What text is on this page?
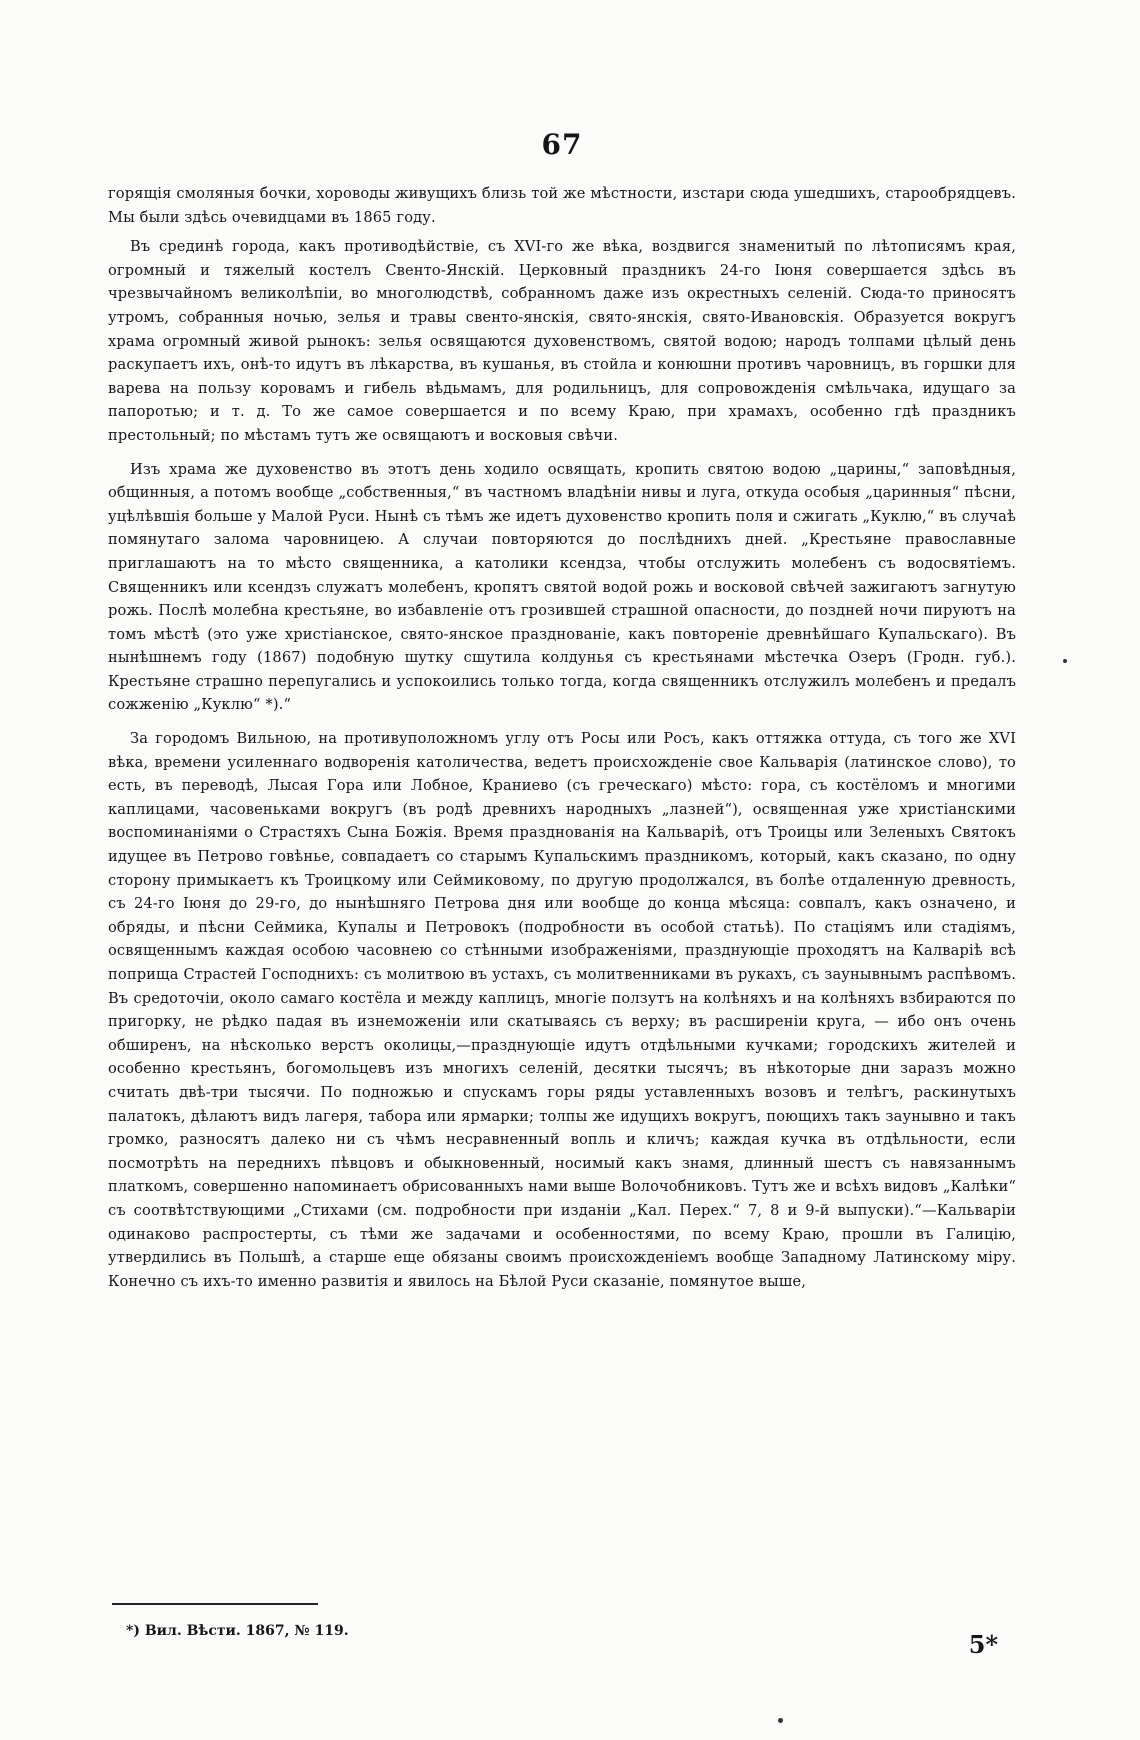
67

горящія смоляныя бочки, хороводы живущихъ близь той же мѣстности, изстари сюда ушедшихъ, старообрядцевъ. Мы были здѣсь очевидцами въ 1865 году.

Въ срединѣ города, какъ противодѣйствіе, съ XVI-го же вѣка, воздвигся знаменитый по лѣтописямъ края, огромный и тяжелый костелъ Свенто-Янскій. Церковный праздникъ 24-го Іюня совершается здѣсь въ чрезвычайномъ великолѣпіи, во многолюдствѣ, собранномъ даже изъ окрестныхъ селеній. Сюда-то приносятъ утромъ, собранныя ночью, зелья и травы свенто-янскія, свято-янскія, свято-Ивановскія. Образуется вокругъ храма огромный живой рынокъ: зелья освящаются духовенствомъ, святой водою; народъ толпами цѣлый день раскупаетъ ихъ, онѣ-то идутъ въ лѣкарства, въ кушанья, въ стойла и конюшни противъ чаровницъ, въ горшки для варева на пользу коровамъ и гибель вѣдьмамъ, для родильницъ, для сопровожденія смѣльчака, идущаго за папоротью; и т. д. То же самое совершается и по всему Краю, при храмахъ, особенно гдѣ праздникъ престольный; по мѣстамъ тутъ же освящаютъ и восковыя свѣчи.

Изъ храма же духовенство въ этотъ день ходило освящать, кропить святою водою „царины,“ заповѣдныя, общинныя, а потомъ вообще „собственныя,“ въ частномъ владѣніи нивы и луга, откуда особыя „царинныя“ пѣсни, уцѣлѣвшія больше у Малой Руси. Нынѣ съ тѣмъ же идетъ духовенство кропить поля и сжигать „Куклю,“ въ случаѣ помянутаго залома чаровницею. А случаи повторяются до послѣднихъ дней. „Крестьяне православные приглашаютъ на то мѣсто священника, а католики ксендза, чтобы отслужить молебенъ съ водосвятіемъ. Священникъ или ксендзъ служатъ молебенъ, кропятъ святой водой рожь и восковой свѣчей зажигаютъ загнутую рожь. Послѣ молебна крестьяне, во избавленіе отъ грозившей страшной опасности, до поздней ночи пируютъ на томъ мѣстѣ (это уже христіанское, свято-янское празднованіе, какъ повтореніе древнѣйшаго Купальскаго). Въ нынѣшнемъ году (1867) подобную шутку сшутила колдунья съ крестьянами мѣстечка Озеръ (Гродн. губ.). Крестьяне страшно перепугались и успокоились только тогда, когда священникъ отслужилъ молебенъ и предалъ сожженію „Куклю“ *).“

За городомъ Вильною, на противуположномъ углу отъ Росы или Росъ, какъ оттяжка оттуда, съ того же XVI вѣка, времени усиленнаго водворенія католичества, ведетъ происхожденіе свое Кальварія (латинское слово), то есть, въ переводѣ, Лысая Гора или Лобное, Краниево (съ греческаго) мѣсто: гора, съ костёломъ и многими каплицами, часовеньками вокругъ (въ родѣ древнихъ народныхъ „лазней“), освященная уже христіанскими воспоминаніями о Страстяхъ Сына Божія. Время празднованія на Кальваріѣ, отъ Троицы или Зеленыхъ Святокъ идущее въ Петрово говѣнье, совпадаетъ со старымъ Купальскимъ праздникомъ, который, какъ сказано, по одну сторону примыкаетъ къ Троицкому или Сеймиковому, по другую продолжался, въ болѣе отдаленную древность, съ 24-го Іюня до 29-го, до нынѣшняго Петрова дня или вообще до конца мѣсяца: совпалъ, какъ означено, и обряды, и пѣсни Сеймика, Купалы и Петровокъ (подробности въ особой статьѣ). По стаціямъ или стадіямъ, освященнымъ каждая особою часовнею со стѣнными изображеніями, празднующіе проходятъ на Калваріѣ всѣ поприща Страстей Господнихъ: съ молитвою въ устахъ, съ молитвенниками въ рукахъ, съ заунывнымъ распѣвомъ. Въ средоточіи, около самаго костёла и между каплицъ, многіе ползутъ на колѣняхъ и на колѣняхъ взбираются по пригорку, не рѣдко падая въ изнеможеніи или скатываясь съ верху; въ расширеніи круга, — ибо онъ очень обширенъ, на нѣсколько верстъ околицы,—празднующіе идутъ отдѣльными кучками; городскихъ жителей и особенно крестьянъ, богомольцевъ изъ многихъ селеній, десятки тысячъ; въ нѣкоторые дни заразъ можно считать двѣ-три тысячи. По подножью и спускамъ горы ряды уставленныхъ возовъ и телѣгъ, раскинутыхъ палатокъ, дѣлаютъ видъ лагеря, табора или ярмарки; толпы же идущихъ вокругъ, поющихъ такъ заунывно и такъ громко, разносятъ далеко ни съ чѣмъ несравненный вопль и кличъ; каждая кучка въ отдѣльности, если посмотрѣть на переднихъ пѣвцовъ и обыкновенный, носимый какъ знамя, длинный шестъ съ навязаннымъ платкомъ, совершенно напоминаетъ обрисованныхъ нами выше Волочобниковъ. Тутъ же и всѣхъ видовъ „Калѣки“ съ соотвѣтствующими „Стихами (см. подробности при изданіи „Кал. Перех.“ 7, 8 и 9-й выпуски).“—Кальваріи одинаково распростерты, съ тѣми же задачами и особенностями, по всему Краю, прошли въ Галицію, утвердились въ Польшѣ, а старше еще обязаны своимъ происхожденіемъ вообще Западному Латинскому міру. Конечно съ ихъ-то именно развитія и явилось на Бѣлой Руси сказаніе, помянутое выше,

*) Вил. Вѣсти. 1867, № 119.	5*
